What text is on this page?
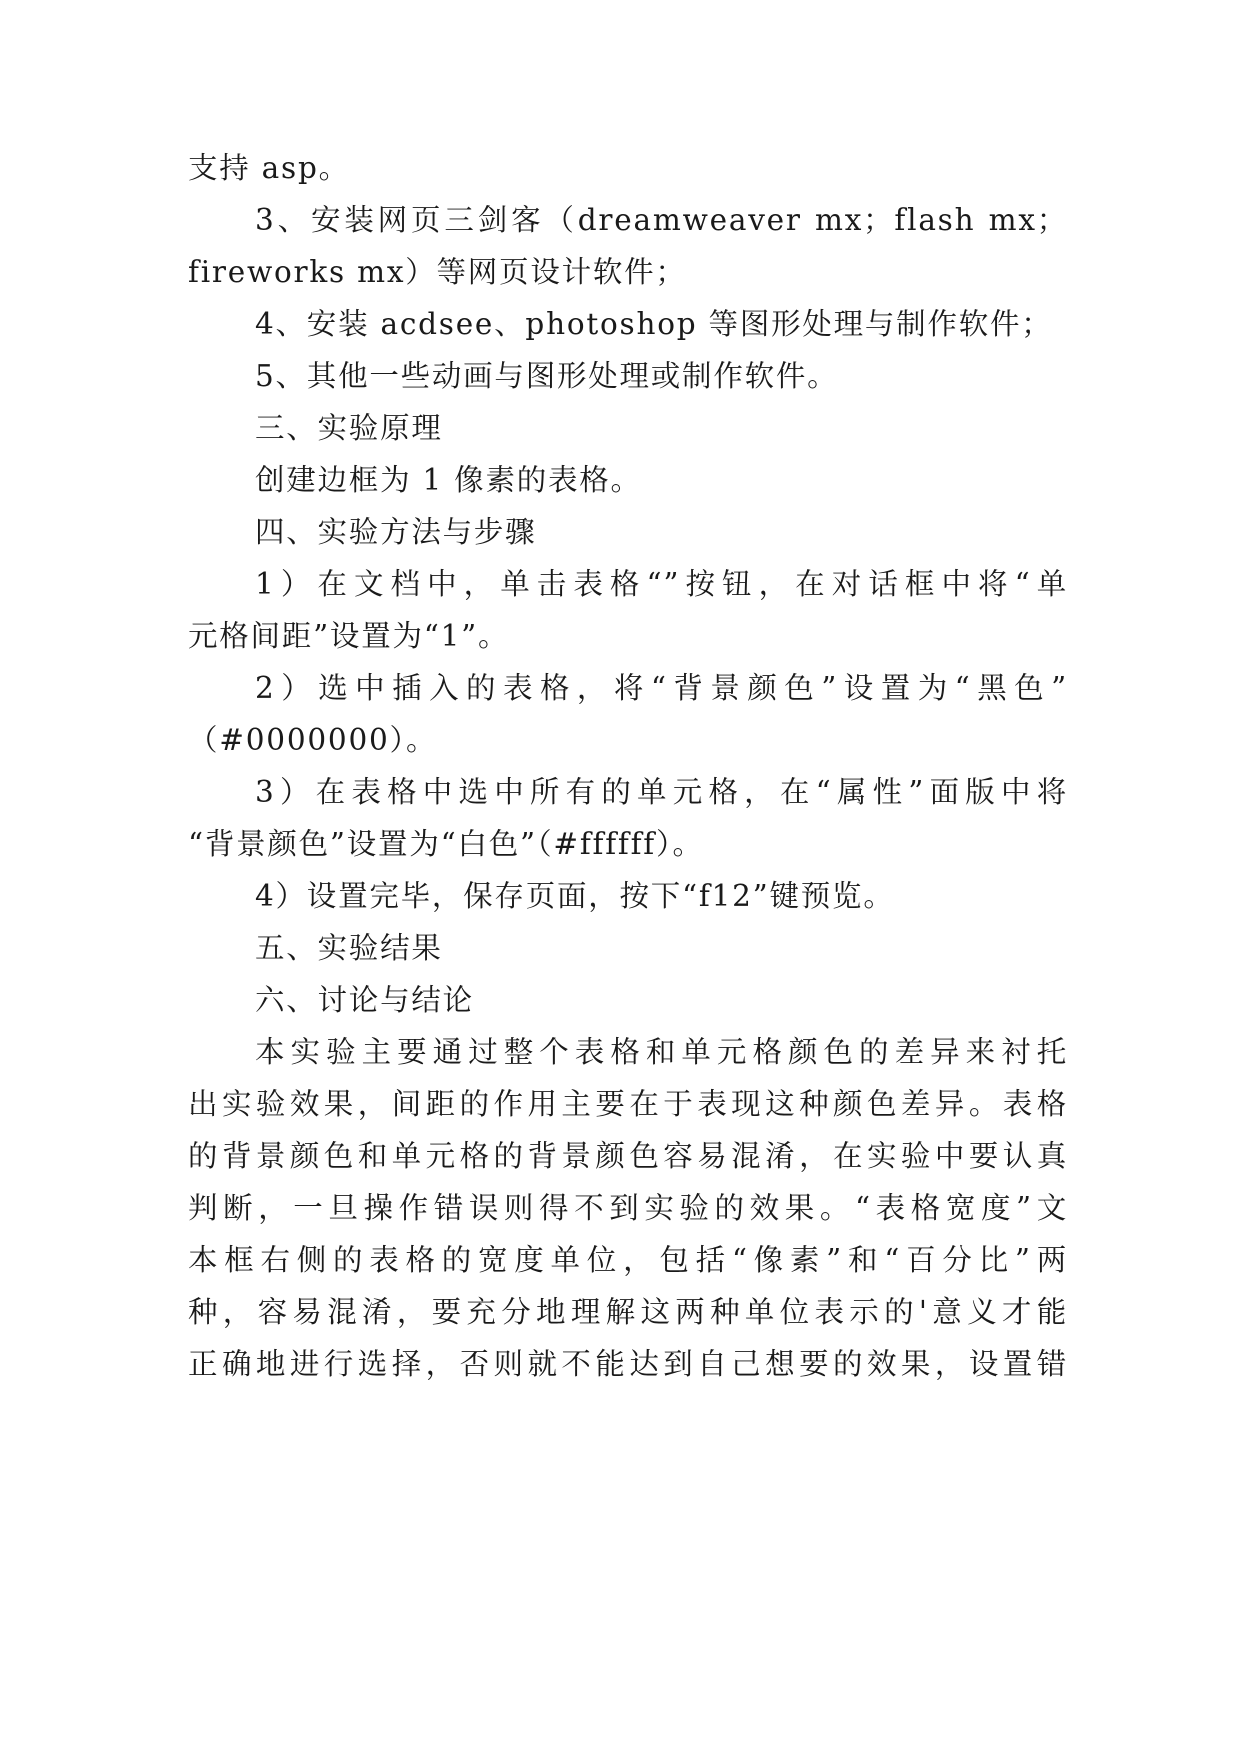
支持 asp。

3、安装网页三剑客（dreamweaver mx；flash mx；

fireworks mx）等网页设计软件；

4、安装 acdsee、photoshop 等图形处理与制作软件；

5、其他一些动画与图形处理或制作软件。

三、实验原理

创建边框为 1 像素的表格。

四、实验方法与步骤

1）在文档中，单击表格“”按钮，在对话框中将“单

元格间距”设置为“1”。

2）选中插入的表格，将“背景颜色”设置为“黑色”

（#0000000）。

3）在表格中选中所有的单元格，在“属性”面版中将

“背景颜色”设置为“白色”（#ffffff）。

4）设置完毕，保存页面，按下“f12”键预览。

五、实验结果

六、讨论与结论

本实验主要通过整个表格和单元格颜色的差异来衬托

出实验效果，间距的作用主要在于表现这种颜色差异。表格

的背景颜色和单元格的背景颜色容易混淆，在实验中要认真

判断，一旦操作错误则得不到实验的效果。“表格宽度”文

本框右侧的表格的宽度单位，包括“像素”和“百分比”两

种，容易混淆，要充分地理解这两种单位表示的'意义才能

正确地进行选择，否则就不能达到自己想要的效果，设置错
